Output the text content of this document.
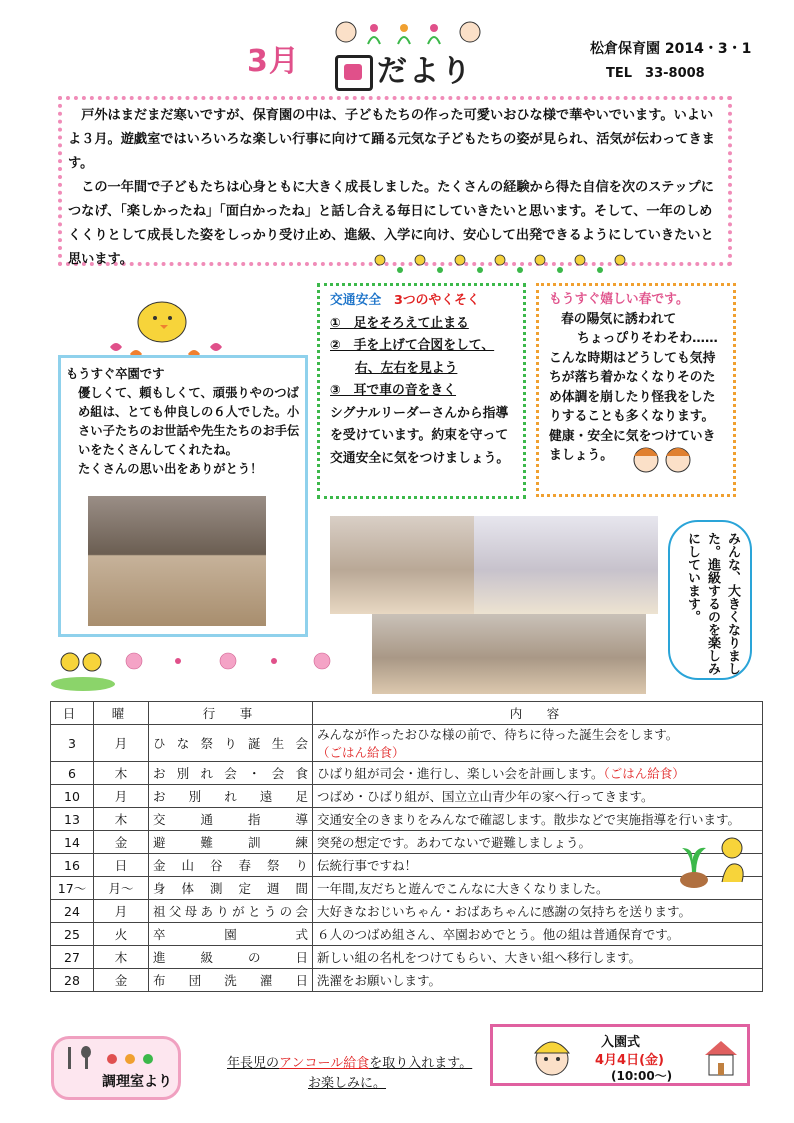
3月	だより
松倉保育園 2014・3・1
TEL　33-8008

戸外はまだまだ寒いですが、保育園の中は、子どもたちの作った可愛いおひな様で華やいでいます。いよいよ３月。遊戯室ではいろいろな楽しい行事に向けて踊る元気な子どもたちの姿が見られ、活気が伝わってきます。

この一年間で子どもたちは心身ともに大きく成長しました。たくさんの経験から得た自信を次のステップにつなげ、「楽しかったね」「面白かったね」と話し合える毎日にしていきたいと思います。そして、一年のしめくくりとして成長した姿をしっかり受け止め、進級、入学に向け、安心して出発できるようにしていきたいと思います。

もうすぐ卒園です
優しくて、頼もしくて、頑張りやのつばめ組は、とても仲良しの６人でした。小さい子たちのお世話や先生たちのお手伝いをたくさんしてくれたね。
たくさんの思い出をありがとう！
交通安全　 3つのやくそく
①　足をそろえて止まる
②　手を上げて合図をして、
右、左右を見よう
③　耳で車の音をきく
シグナルリーダーさんから指導を受けています。約束を守って交通安全に気をつけましょう。
もうすぐ嬉しい春です。
春の陽気に誘われて
ちょっぴりそわそわ……
こんな時期はどうしても気持ちが落ち着かなくなりそのため体調を崩したり怪我をしたりすることも多くなります。健康・安全に気をつけていきましょう。
みんな、大きくなりました。進級するのを楽しみにしています。
日	曜	行　事	内　容
3	月	ひな祭り誕生会	みんなが作ったおひな様の前で、待ちに待った誕生会をします。（ごはん給食）
6	木	お別れ会・会食	ひばり組が司会・進行し、楽しい会を計画します。（ごはん給食）
10	月	お別れ遠足	つばめ・ひばり組が、国立立山青少年の家へ行ってきます。
13	木	交通指導	交通安全のきまりをみんなで確認します。散歩などで実施指導を行います。
14	金	避難訓練	突発の想定です。あわてないで避難しましょう。
16	日	金山谷春祭り	伝統行事ですね！
17～	月～	身体測定週間	一年間,友だちと遊んでこんなに大きくなりました。
24	月	祖父母ありがとうの会	大好きなおじいちゃん・おばあちゃんに感謝の気持ちを送ります。
25	火	卒園式	６人のつばめ組さん、卒園おめでとう。他の組は普通保育です。
27	木	進級の日	新しい組の名札をつけてもらい、大きい組へ移行します。
28	金	布団洗濯日	洗濯をお願いします。
調理室より
年長児のアンコール給食を取り入れます。
お楽しみに。
入園式
4月4日(金)
(10:00～)
